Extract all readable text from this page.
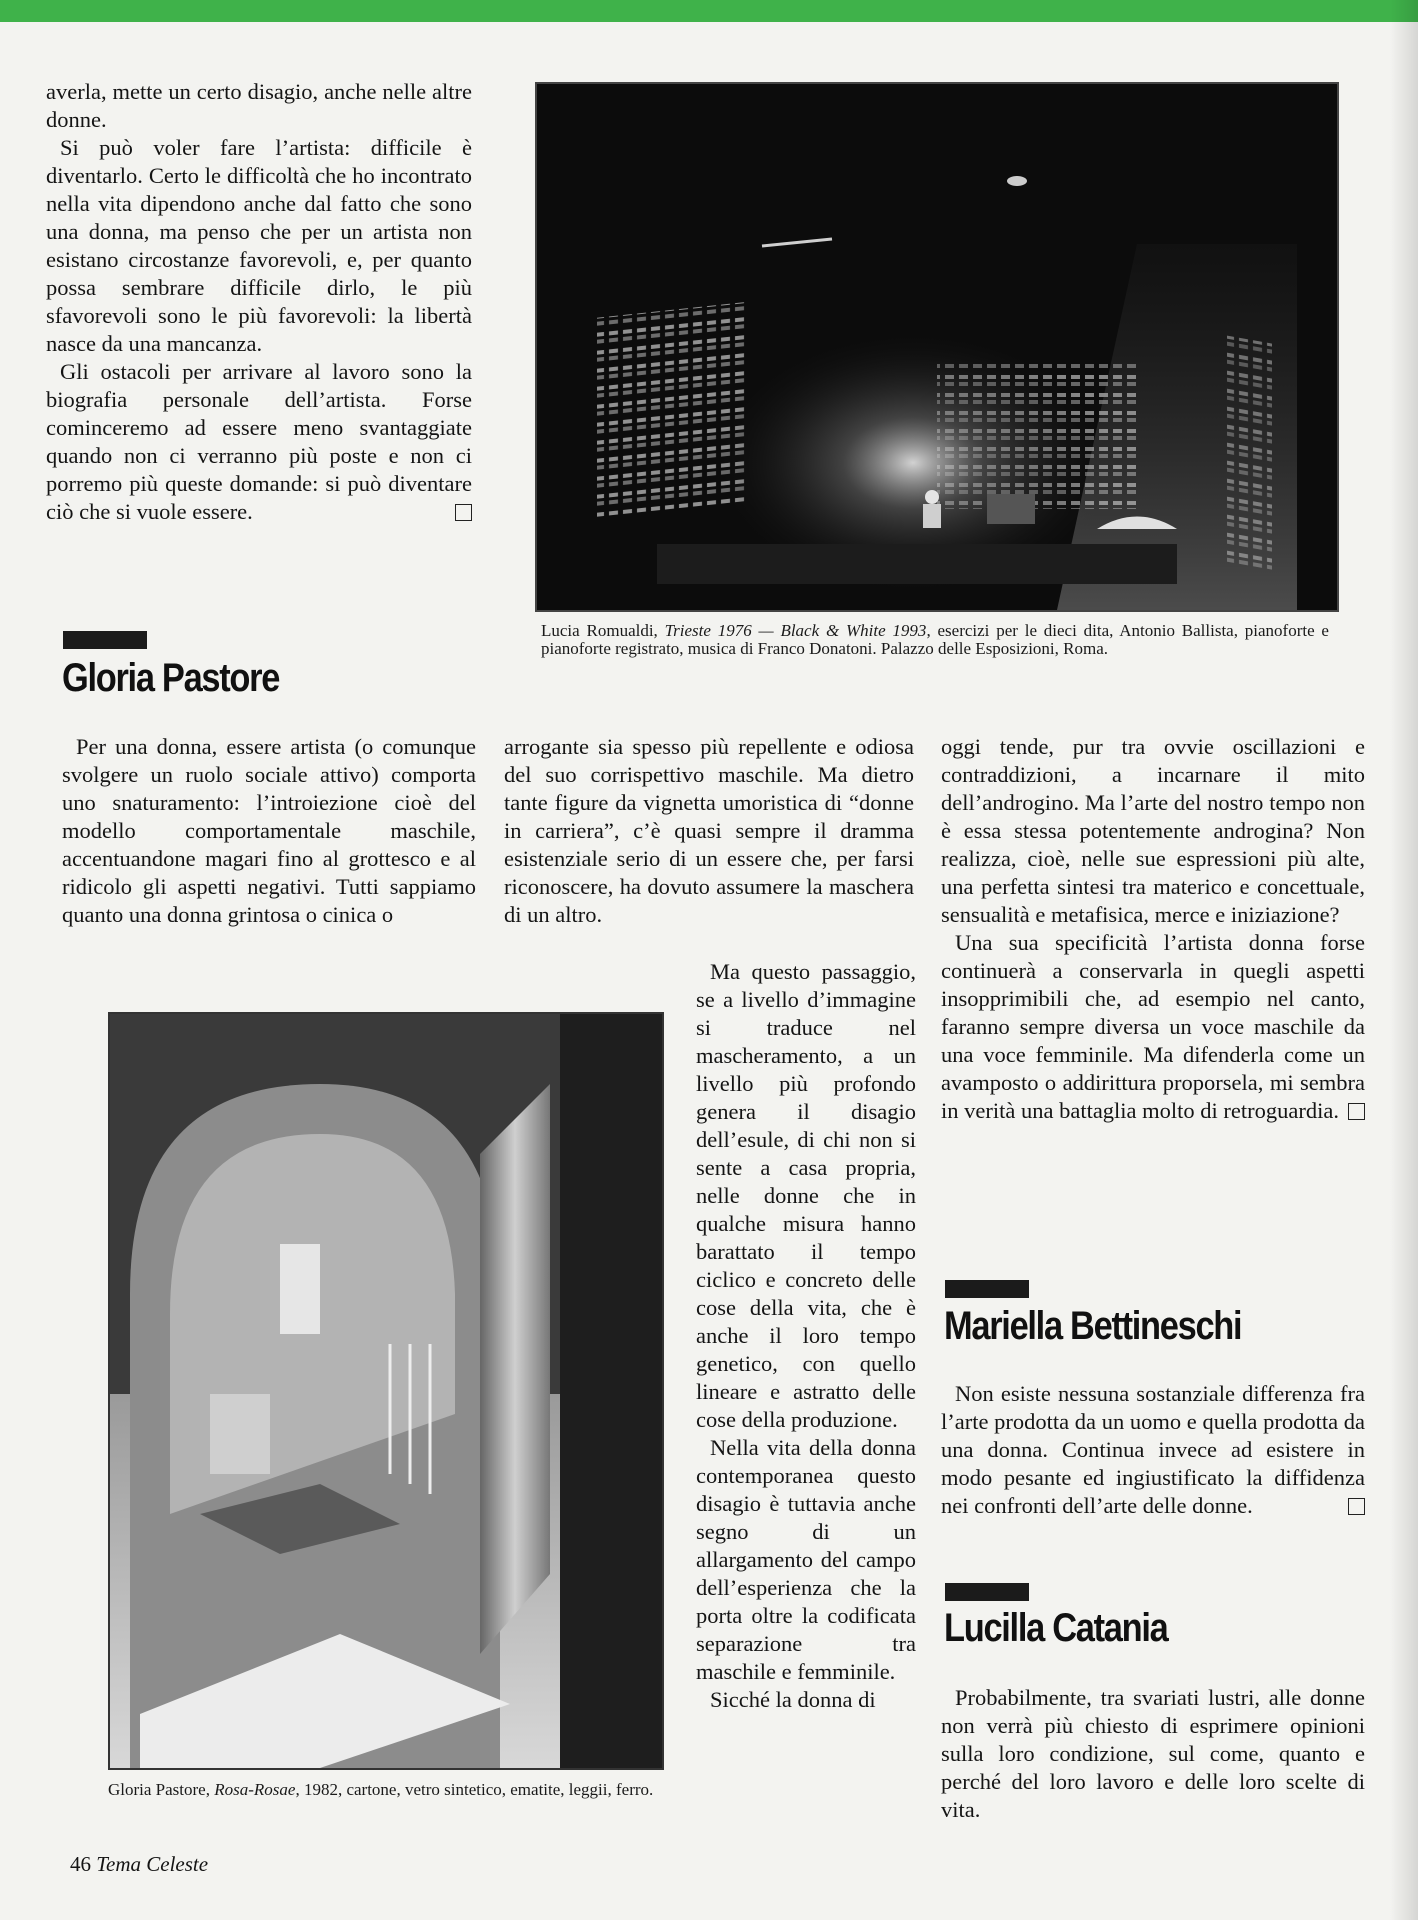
averla, mette un certo disagio, anche nelle altre donne.

Si può voler fare l’artista: difficile è diventarlo. Certo le difficoltà che ho incontrato nella vita dipendono anche dal fatto che sono una donna, ma penso che per un artista non esistano circostanze favorevoli, e, per quanto possa sembrare difficile dirlo, le più sfavorevoli sono le più favorevoli: la libertà nasce da una mancanza.

Gli ostacoli per arrivare al lavoro sono la biografia personale dell’artista. Forse cominceremo ad essere meno svantaggiate quando non ci verranno più poste e non ci porremo più queste domande: si può diventare ciò che si vuole essere.

Lucia Romualdi, Trieste 1976 — Black & White 1993, esercizi per le dieci dita, Antonio Ballista, pianoforte e pianoforte registrato, musica di Franco Donatoni. Palazzo delle Esposizioni, Roma.
Gloria Pastore

Per una donna, essere artista (o comunque svolgere un ruolo sociale attivo) comporta uno snaturamento: l’introiezione cioè del modello comportamentale maschile, accentuandone magari fino al grottesco e al ridicolo gli aspetti negativi. Tutti sappiamo quanto una donna grintosa o cinica o

arrogante sia spesso più repellente e odiosa del suo corrispettivo maschile. Ma dietro tante figure da vignetta umoristica di “donne in carriera”, c’è quasi sempre il dramma esistenziale serio di un essere che, per farsi riconoscere, ha dovuto assumere la maschera di un altro.

Ma questo passaggio, se a livello d’immagine si traduce nel mascheramento, a un livello più profondo genera il disagio dell’esule, di chi non si sente a casa propria, nelle donne che in qualche misura hanno barattato il tempo ciclico e concreto delle cose della vita, che è anche il loro tempo genetico, con quello lineare e astratto delle cose della produzione.

Nella vita della donna contemporanea questo disagio è tuttavia anche segno di un allargamento del campo dell’esperienza che la porta oltre la codificata separazione tra maschile e femminile.

Sicché la donna di

Gloria Pastore, Rosa-Rosae, 1982, cartone, vetro sintetico, ematite, leggii, ferro.

oggi tende, pur tra ovvie oscillazioni e contraddizioni, a incarnare il mito dell’androgino. Ma l’arte del nostro tempo non è essa stessa potentemente androgina? Non realizza, cioè, nelle sue espressioni più alte, una perfetta sintesi tra materico e concettuale, sensualità e metafisica, merce e iniziazione?

Una sua specificità l’artista donna forse continuerà a conservarla in quegli aspetti insopprimibili che, ad esempio nel canto, faranno sempre diversa un voce maschile da una voce femminile. Ma difenderla come un avamposto o addirittura proporsela, mi sembra in verità una battaglia molto di retroguardia.

Mariella Bettineschi

Non esiste nessuna sostanziale differenza fra l’arte prodotta da un uomo e quella prodotta da una donna. Continua invece ad esistere in modo pesante ed ingiustificato la diffidenza nei confronti dell’arte delle donne.

Lucilla Catania

Probabilmente, tra svariati lustri, alle donne non verrà più chiesto di esprimere opinioni sulla loro condizione, sul come, quanto e perché del loro lavoro e delle loro scelte di vita.

46 Tema Celeste
